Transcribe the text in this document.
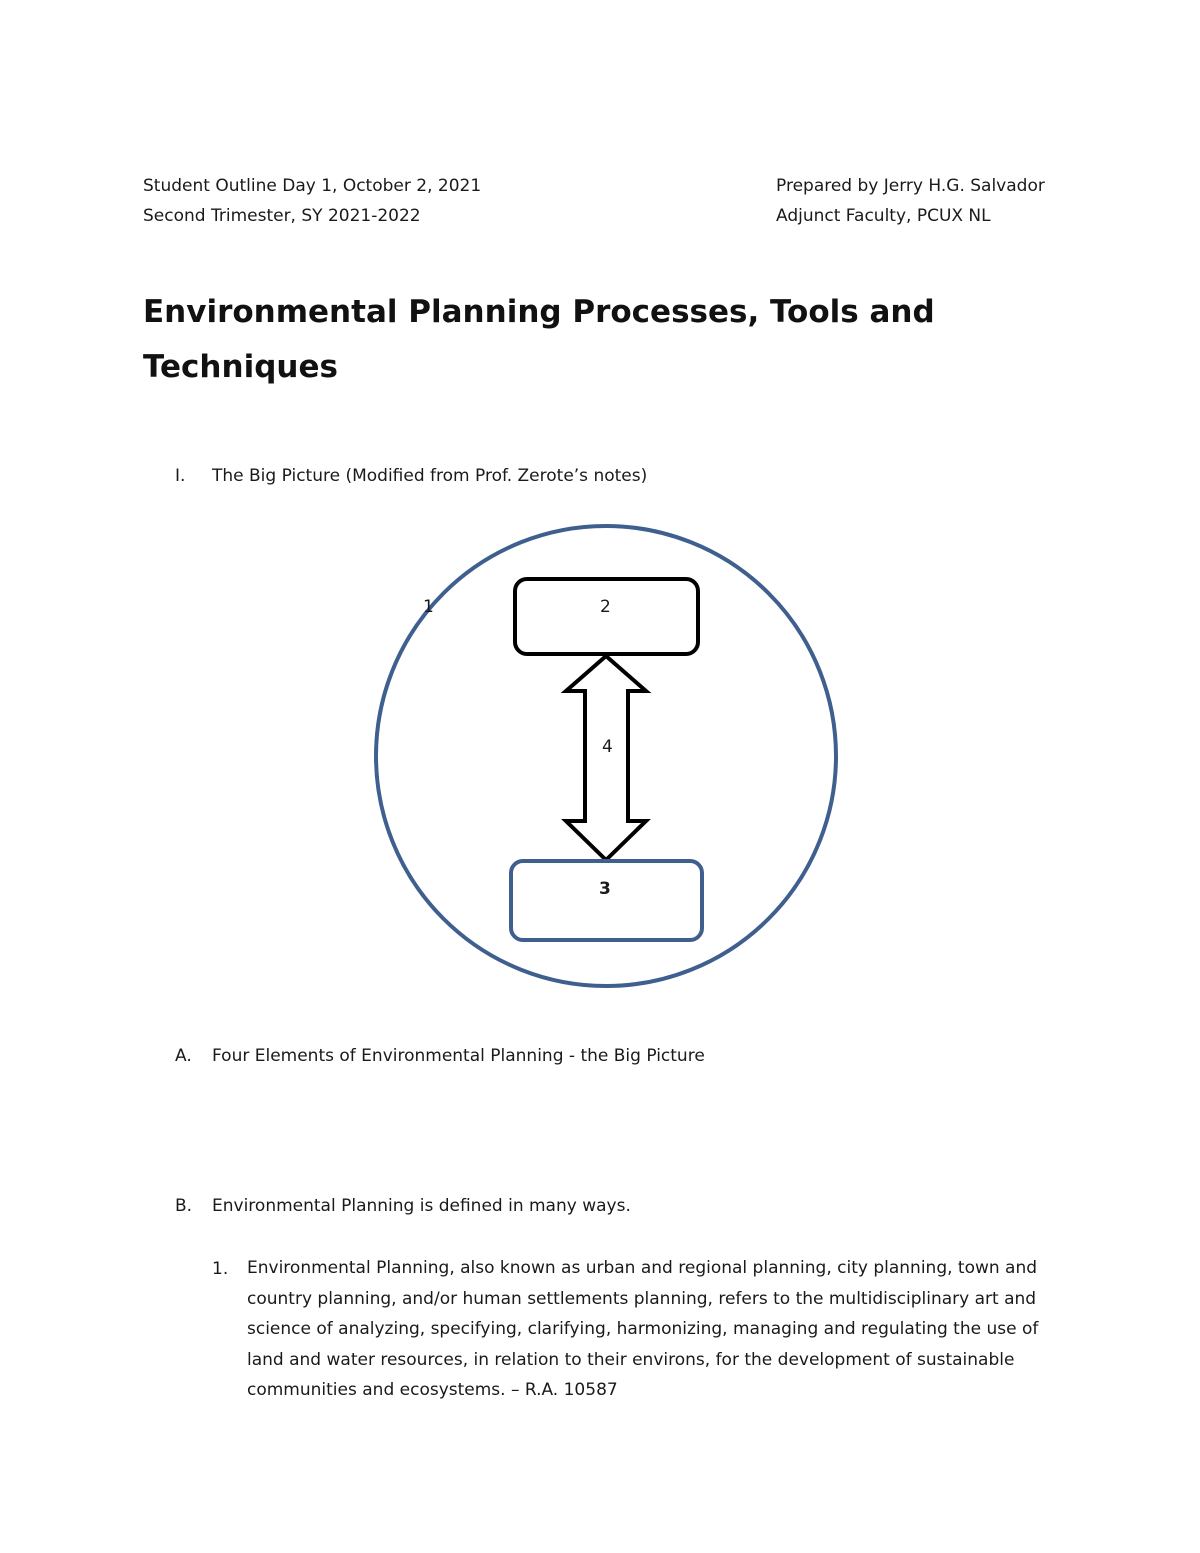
Student Outline Day 1, October 2, 2021
Second Trimester, SY 2021-2022
Prepared by Jerry H.G. Salvador
Adjunct Faculty, PCUX NL
Environmental Planning Processes, Tools and Techniques
I. The Big Picture (Modified from Prof. Zerote’s notes)
1	2
4
3
A. Four Elements of Environmental Planning - the Big Picture
B. Environmental Planning is defined in many ways.
1. Environmental Planning, also known as urban and regional planning, city planning, town and country planning, and/or human settlements planning, refers to the multidisciplinary art and science of analyzing, specifying, clarifying, harmonizing, managing and regulating the use of land and water resources, in relation to their environs, for the development of sustainable communities and ecosystems. – R.A. 10587
